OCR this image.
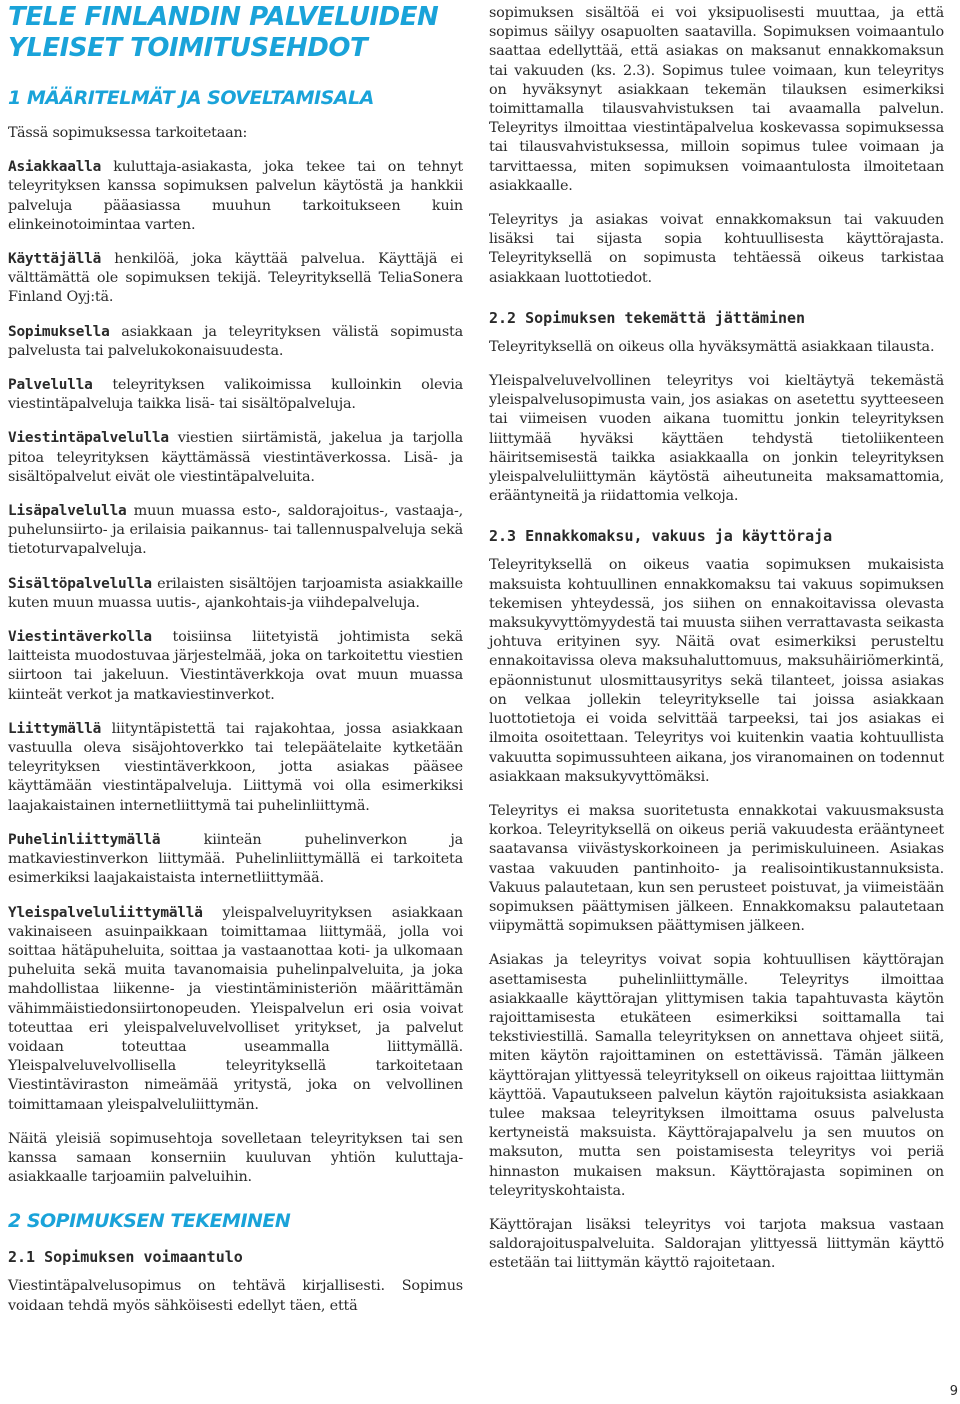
TELE FINLANDIN PALVELUIDEN YLEISET TOIMITUSEHDOT
1 MÄÄRITELMÄT JA SOVELTAMISALA

Tässä sopimuksessa tarkoitetaan:

Asiakkaalla kuluttaja-asiakasta, joka tekee tai on tehnyt teleyrityksen kanssa sopimuksen palvelun käytöstä ja hankkii palveluja pääasiassa muuhun tarkoitukseen kuin elinkeinotoimintaa varten.

Käyttäjällä henkilöä, joka käyttää palvelua. Käyttäjä ei välttämättä ole sopimuksen tekijä. Teleyrityksellä TeliaSonera Finland Oyj:tä.

Sopimuksella asiakkaan ja teleyrityksen välistä sopimusta palvelusta tai palvelukokonaisuudesta.

Palvelulla teleyrityksen valikoimissa kulloinkin olevia viestintäpalveluja taikka lisä- tai sisältöpalveluja.

Viestintäpalvelulla viestien siirtämistä, jakelua ja tarjolla pitoa teleyrityksen käyttämässä viestintäverkossa. Lisä- ja sisältöpalvelut eivät ole viestintäpalveluita.

Lisäpalvelulla muun muassa esto-, saldorajoitus-, vastaaja-, puhelunsiirto- ja erilaisia paikannus- tai tallennuspalveluja sekä tietoturvapalveluja.

Sisältöpalvelulla erilaisten sisältöjen tarjoamista asiakkaille kuten muun muassa uutis-, ajankohtais-ja viihdepalveluja.

Viestintäverkolla toisiinsa liitetyistä johtimista sekä laitteista muodostuvaa järjestelmää, joka on tarkoitettu viestien siirtoon tai jakeluun. Viestintäverkkoja ovat muun muassa kiinteät verkot ja matkaviestinverkot.

Liittymällä liityntäpistettä tai rajakohtaa, jossa asiakkaan vastuulla oleva sisäjohtoverkko tai telepäätelaite kytketään teleyrityksen viestintäverkkoon, jotta asiakas pääsee käyttämään viestintäpalveluja. Liittymä voi olla esimerkiksi laajakaistainen internetliittymä tai puhelinliittymä.

Puhelinliittymällä kiinteän puhelinverkon ja matkaviestinverkon liittymää. Puhelinliittymällä ei tarkoiteta esimerkiksi laajakaistaista internetliittymää.

Yleispalveluliittymällä yleispalveluyrityksen asiakkaan vakinaiseen asuinpaikkaan toimittamaa liittymää, jolla voi soittaa hätäpuheluita, soittaa ja vastaanottaa koti- ja ulkomaan puheluita sekä muita tavanomaisia puhelinpalveluita, ja joka mahdollistaa liikenne- ja viestintäministeriön määrittämän vähimmäistiedonsiirtonopeuden. Yleispalvelun eri osia voivat toteuttaa eri yleispalveluvelvolliset yritykset, ja palvelut voidaan toteuttaa useammalla liittymällä. Yleispalveluvelvollisella teleyrityksellä tarkoitetaan Viestintäviraston nimeämää yritystä, joka on velvollinen toimittamaan yleispalveluliittymän.

Näitä yleisiä sopimusehtoja sovelletaan teleyrityksen tai sen kanssa samaan konserniin kuuluvan yhtiön kuluttaja-asiakkaalle tarjoamiin palveluihin.

2 SOPIMUKSEN TEKEMINEN
2.1 Sopimuksen voimaantulo

Viestintäpalvelusopimus on tehtävä kirjallisesti. Sopimus voidaan tehdä myös sähköisesti edellyt täen, että

sopimuksen sisältöä ei voi yksipuolisesti muuttaa, ja että sopimus säilyy osapuolten saatavilla. Sopimuksen voimaantulo saattaa edellyttää, että asiakas on maksanut ennakkomaksun tai vakuuden (ks. 2.3). Sopimus tulee voimaan, kun teleyritys on hyväksynyt asiakkaan tekemän tilauksen esimerkiksi toimittamalla tilausvahvistuksen tai avaamalla palvelun. Teleyritys ilmoittaa viestintäpalvelua koskevassa sopimuksessa tai tilausvahvistuksessa, milloin sopimus tulee voimaan ja tarvittaessa, miten sopimuksen voimaantulosta ilmoitetaan asiakkaalle.

Teleyritys ja asiakas voivat ennakkomaksun tai vakuuden lisäksi tai sijasta sopia kohtuullisesta käyttörajasta. Teleyrityksellä on sopimusta tehtäessä oikeus tarkistaa asiakkaan luottotiedot.

2.2 Sopimuksen tekemättä jättäminen

Teleyrityksellä on oikeus olla hyväksymättä asiakkaan tilausta.

Yleispalveluvelvollinen teleyritys voi kieltäytyä tekemästä yleispalvelusopimusta vain, jos asiakas on asetettu syytteeseen tai viimeisen vuoden aikana tuomittu jonkin teleyrityksen liittymää hyväksi käyttäen tehdystä tietoliikenteen häiritsemisestä taikka asiakkaalla on jonkin teleyrityksen yleispalveluliittymän käytöstä aiheutuneita maksamattomia, erääntyneitä ja riidattomia velkoja.

2.3 Ennakkomaksu, vakuus ja käyttöraja

Teleyrityksellä on oikeus vaatia sopimuksen mukaisista maksuista kohtuullinen ennakkomaksu tai vakuus sopimuksen tekemisen yhteydessä, jos siihen on ennakoitavissa olevasta maksukyvyttömyydestä tai muusta siihen verrattavasta seikasta johtuva erityinen syy. Näitä ovat esimerkiksi perusteltu ennakoitavissa oleva maksuhaluttomuus, maksuhäiriömerkintä, epäonnistunut ulosmittausyritys sekä tilanteet, joissa asiakas on velkaa jollekin teleyritykselle tai joissa asiakkaan luottotietoja ei voida selvittää tarpeeksi, tai jos asiakas ei ilmoita osoitettaan. Teleyritys voi kuitenkin vaatia kohtuullista vakuutta sopimussuhteen aikana, jos viranomainen on todennut asiakkaan maksukyvyttömäksi.

Teleyritys ei maksa suoritetusta ennakkotai vakuusmaksusta korkoa. Teleyrityksellä on oikeus periä vakuudesta erääntyneet saatavansa viivästyskorkoineen ja perimiskuluineen. Asiakas vastaa vakuuden pantinhoito- ja realisointikustannuksista. Vakuus palautetaan, kun sen perusteet poistuvat, ja viimeistään sopimuksen päättymisen jälkeen. Ennakkomaksu palautetaan viipymättä sopimuksen päättymisen jälkeen.

Asiakas ja teleyritys voivat sopia kohtuullisen käyttörajan asettamisesta puhelinliittymälle. Teleyritys ilmoittaa asiakkaalle käyttörajan ylittymisen takia tapahtuvasta käytön rajoittamisesta etukäteen esimerkiksi soittamalla tai tekstiviestillä. Samalla teleyrityksen on annettava ohjeet siitä, miten käytön rajoittaminen on estettävissä. Tämän jälkeen käyttörajan ylittyessä teleyrityksell on oikeus rajoittaa liittymän käyttöä. Vapautukseen palvelun käytön rajoituksista asiakkaan tulee maksaa teleyrityksen ilmoittama osuus palvelusta kertyneistä maksuista. Käyttörajapalvelu ja sen muutos on maksuton, mutta sen poistamisesta teleyritys voi periä hinnaston mukaisen maksun. Käyttörajasta sopiminen on teleyrityskohtaista.

Käyttörajan lisäksi teleyritys voi tarjota maksua vastaan saldorajoituspalveluita. Saldorajan ylittyessä liittymän käyttö estetään tai liittymän käyttö rajoitetaan.

9
